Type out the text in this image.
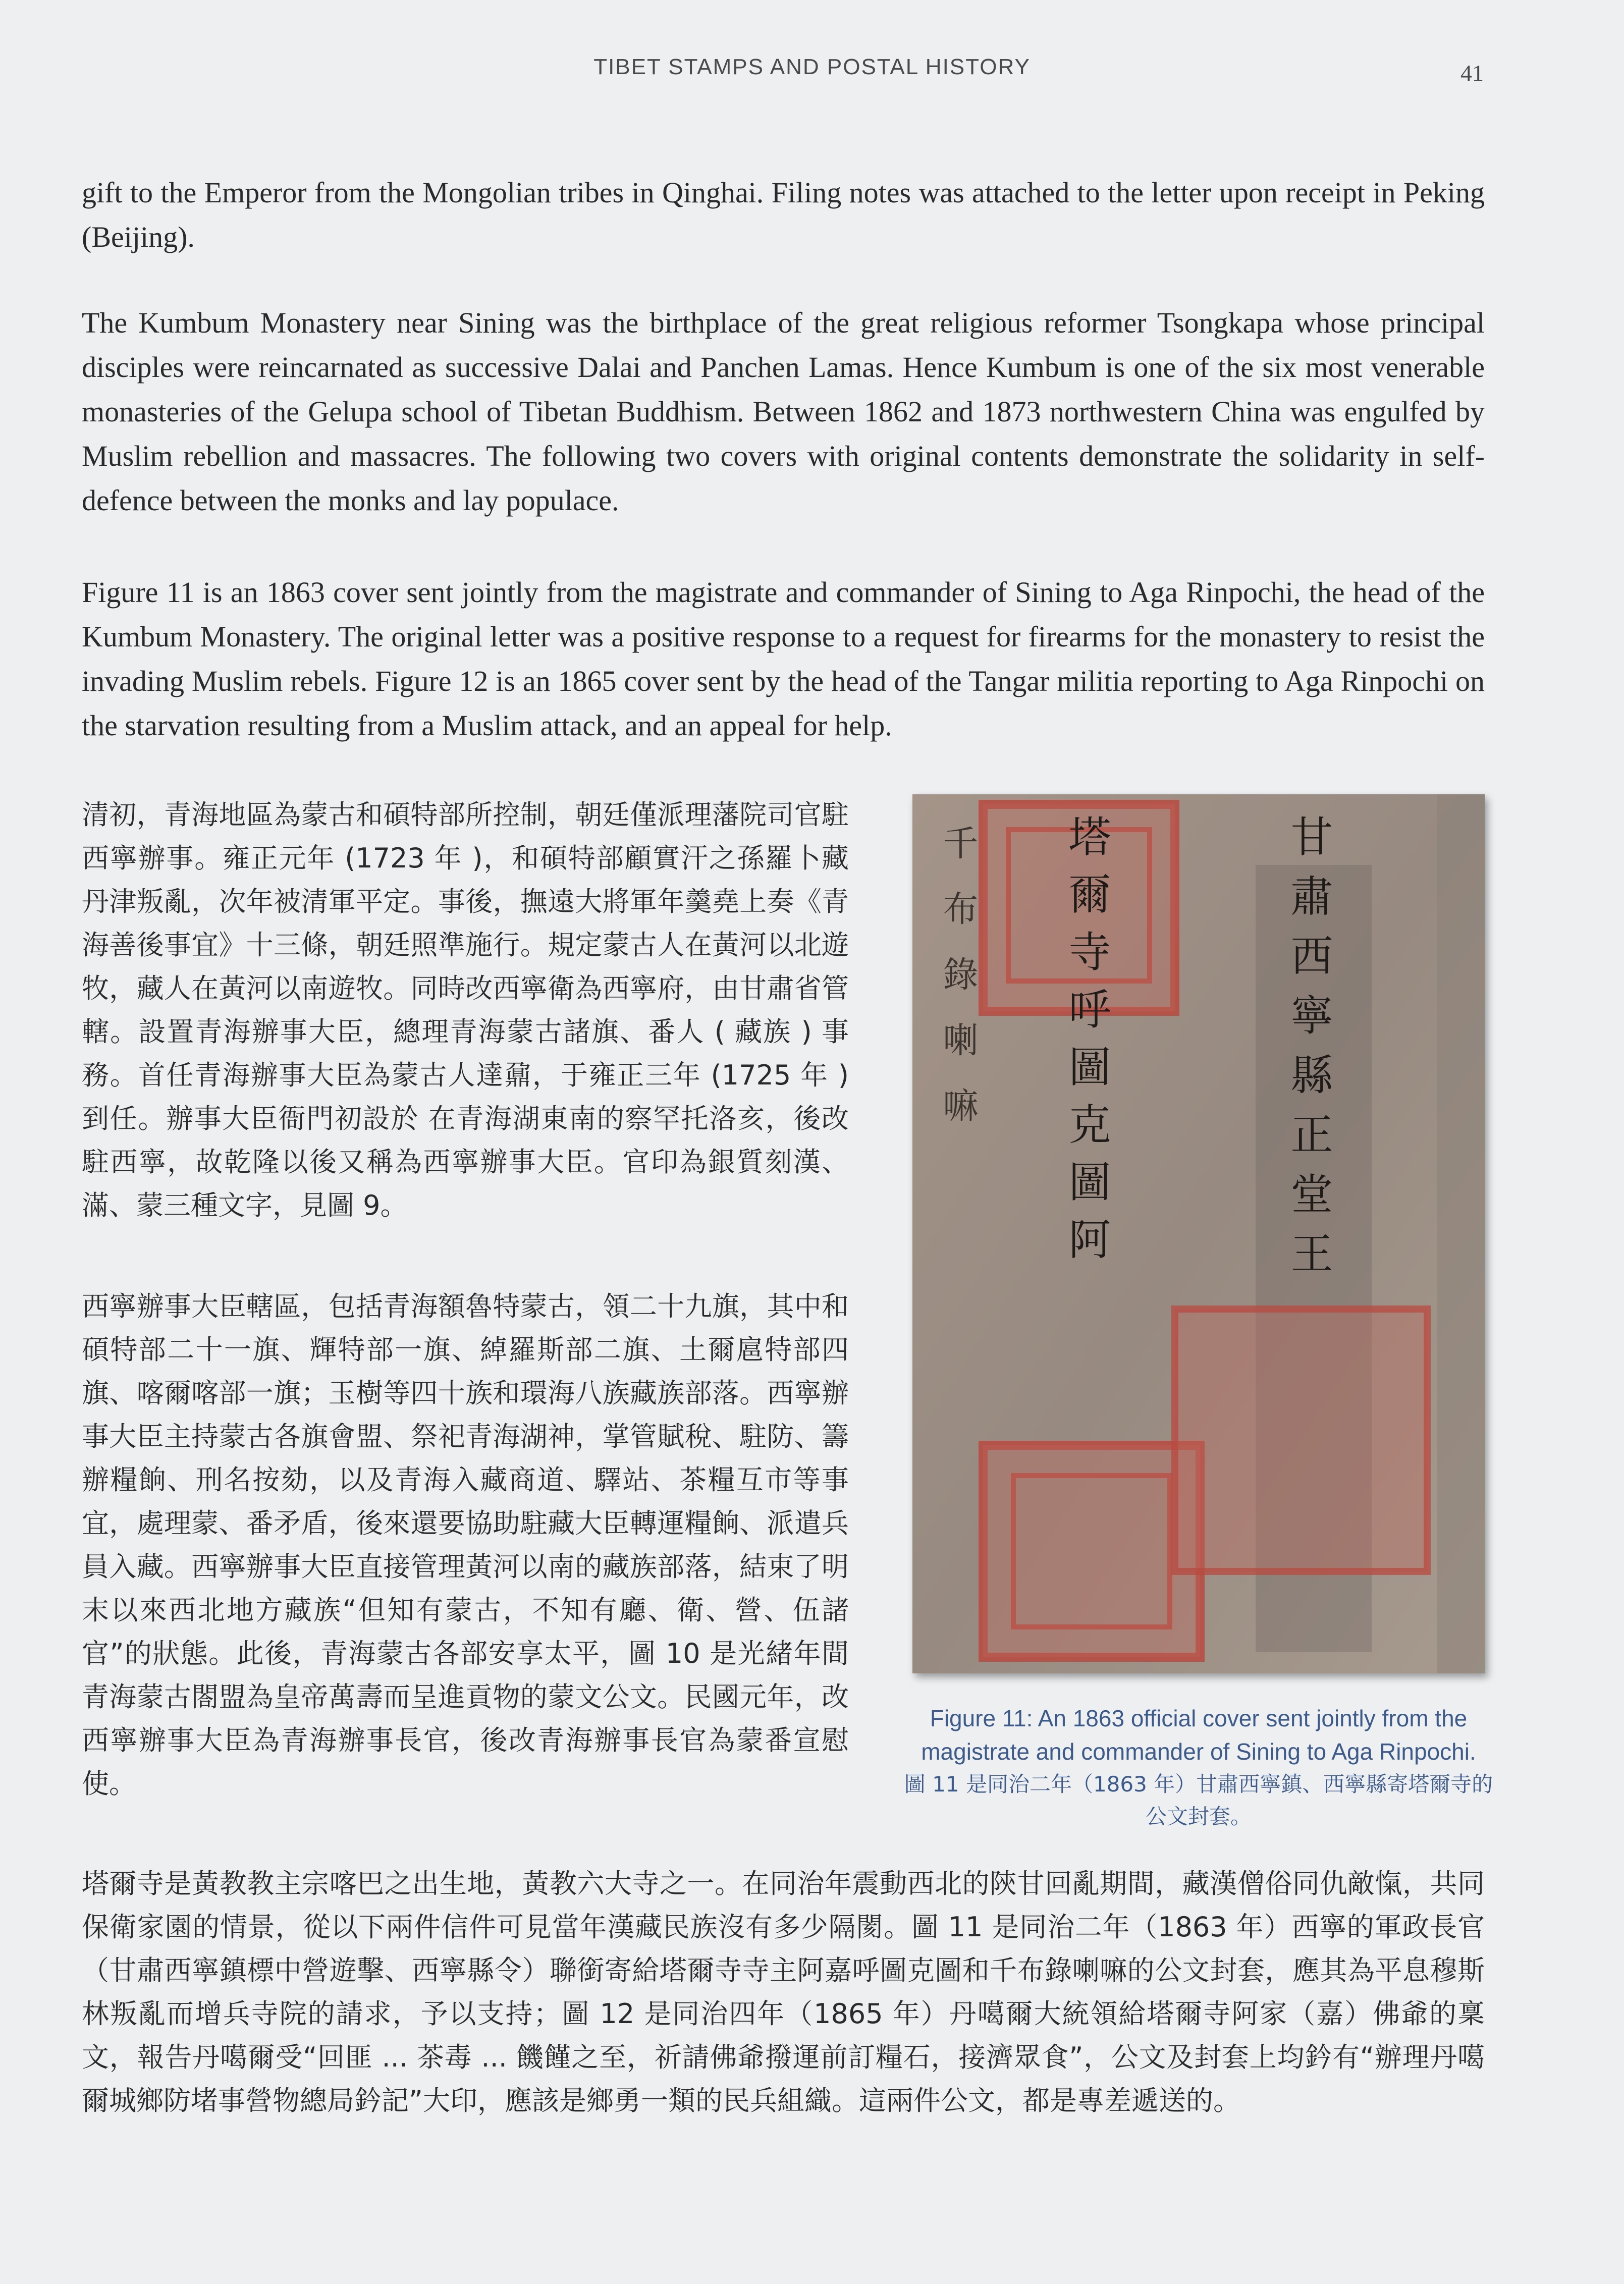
TIBET STAMPS AND POSTAL HISTORY	41

gift to the Emperor from the Mongolian tribes in Qinghai. Filing notes was attached to the letter upon receipt in Peking (Beijing).

The Kumbum Monastery near Sining was the birthplace of the great religious reformer Tsongkapa whose principal disciples were reincarnated as successive Dalai and Panchen Lamas. Hence Kumbum is one of the six most venerable monasteries of the Gelupa school of Tibetan Buddhism. Between 1862 and 1873 northwestern China was engulfed by Muslim rebellion and massacres. The following two covers with original contents demonstrate the solidarity in self-defence between the monks and lay populace.

Figure 11 is an 1863 cover sent jointly from the magistrate and commander of Sining to Aga Rinpochi, the head of the Kumbum Monastery. The original letter was a positive response to a request for firearms for the monastery to resist the invading Muslim rebels. Figure 12 is an 1865 cover sent by the head of the Tangar militia reporting to Aga Rinpochi on the starvation resulting from a Muslim attack, and an appeal for help.

清初，青海地區為蒙古和碩特部所控制，朝廷僅派理藩院司官駐西寧辦事。雍正元年 (1723 年 )，和碩特部顧實汗之孫羅卜藏丹津叛亂，次年被清軍平定。事後，撫遠大將軍年羹堯上奏《青海善後事宜》十三條，朝廷照準施行。規定蒙古人在黃河以北遊牧，藏人在黃河以南遊牧。同時改西寧衛為西寧府，由甘肅省管轄。設置青海辦事大臣，總理青海蒙古諸旗、番人 ( 藏族 ) 事務。首任青海辦事大臣為蒙古人達鼐，于雍正三年 (1725 年 ) 到任。辦事大臣衙門初設於 在青海湖東南的察罕托洛亥，後改駐西寧，故乾隆以後又稱為西寧辦事大臣。官印為銀質刻漢、滿、蒙三種文字，見圖 9。

西寧辦事大臣轄區，包括青海額魯特蒙古，領二十九旗，其中和碩特部二十一旗、輝特部一旗、綽羅斯部二旗、土爾扈特部四旗、喀爾喀部一旗；玉樹等四十族和環海八族藏族部落。西寧辦事大臣主持蒙古各旗會盟、祭祀青海湖神，掌管賦稅、駐防、籌辦糧餉、刑名按劾，以及青海入藏商道、驛站、茶糧互市等事宜，處理蒙、番矛盾，後來還要協助駐藏大臣轉運糧餉、派遣兵員入藏。西寧辦事大臣直接管理黃河以南的藏族部落，結束了明末以來西北地方藏族“但知有蒙古，不知有廳、衛、營、伍諸官”的狀態。此後，青海蒙古各部安享太平，圖 10 是光緒年間青海蒙古閤盟為皇帝萬壽而呈進貢物的蒙文公文。民國元年，改西寧辦事大臣為青海辦事長官，後改青海辦事長官為蒙番宣慰使。

甘肅西寧縣正堂王
塔爾寺呼圖克圖阿
千布錄喇嘛

Figure 11: An 1863 official cover sent jointly from the magistrate and commander of Sining to Aga Rinpochi.

圖 11 是同治二年（1863 年）甘肅西寧鎮、西寧縣寄塔爾寺的公文封套。

塔爾寺是黃教教主宗喀巴之出生地，黃教六大寺之一。在同治年震動西北的陝甘回亂期間，藏漢僧俗同仇敵愾，共同保衛家園的情景，從以下兩件信件可見當年漢藏民族沒有多少隔閡。圖 11 是同治二年（1863 年）西寧的軍政長官（甘肅西寧鎮標中營遊擊、西寧縣令）聯銜寄給塔爾寺寺主阿嘉呼圖克圖和千布錄喇嘛的公文封套，應其為平息穆斯林叛亂而增兵寺院的請求，予以支持；圖 12 是同治四年（1865 年）丹噶爾大統領給塔爾寺阿家（嘉）佛爺的稟文，報告丹噶爾受“回匪 ... 茶毒 ... 饑饉之至，祈請佛爺撥運前訂糧石，接濟眾食”，公文及封套上均鈐有“辦理丹噶爾城鄉防堵事營物總局鈐記”大印，應該是鄉勇一類的民兵組織。這兩件公文，都是專差遞送的。
